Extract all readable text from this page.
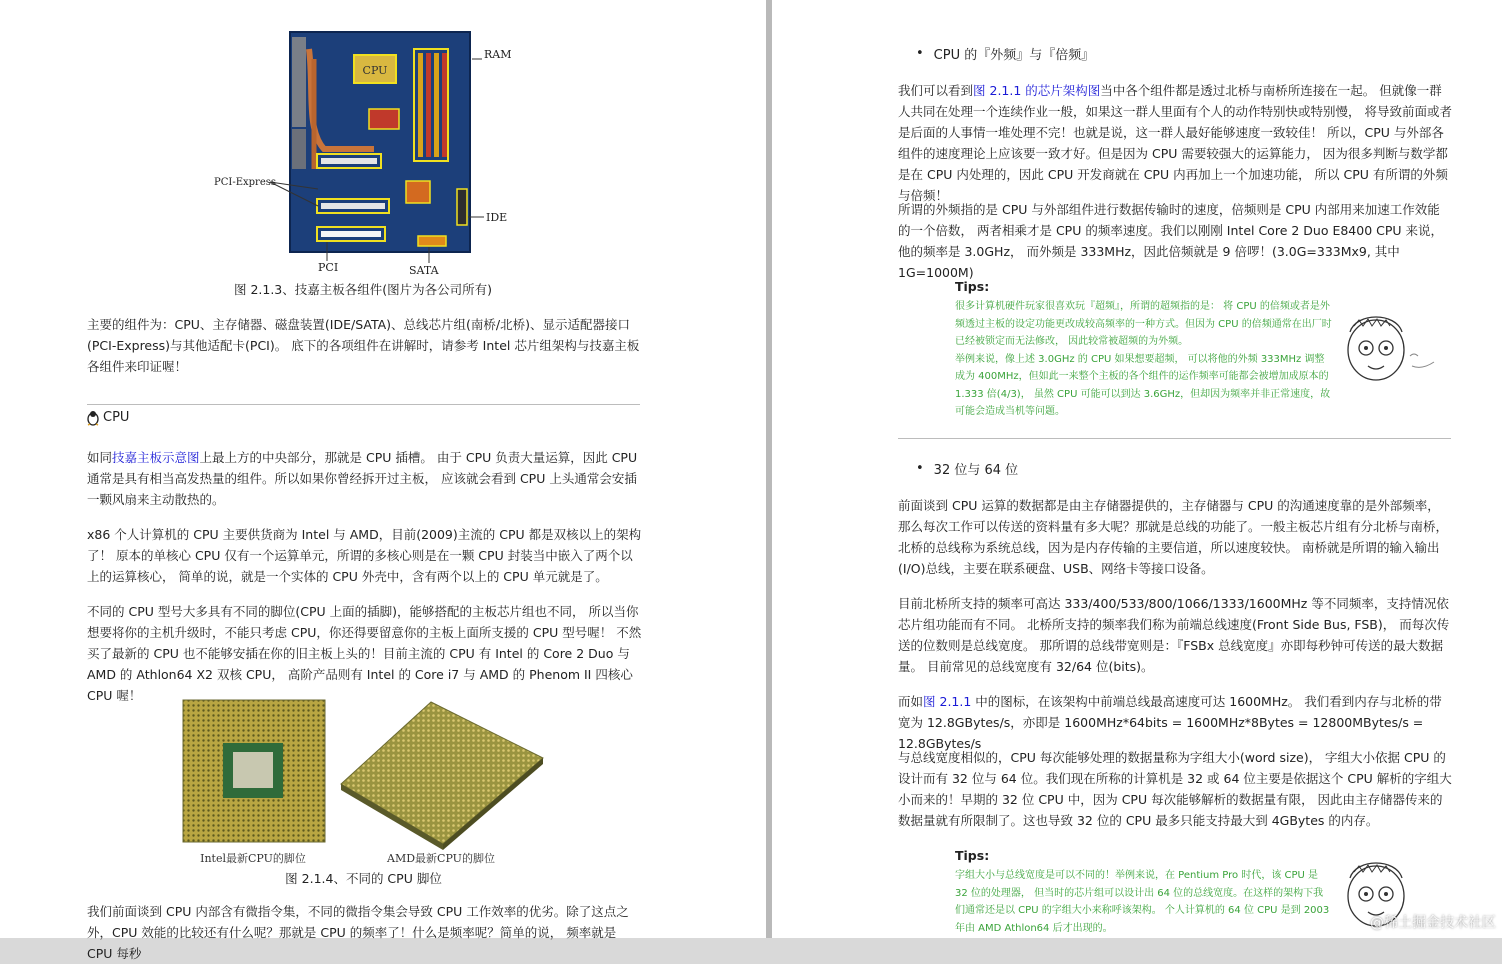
CPU
RAM
PCI-Express
IDE
PCI	SATA
图 2.1.3、技嘉主板各组件(图片为各公司所有)
主要的组件为：CPU、主存储器、磁盘装置(IDE/SATA)、总线芯片组(南桥/北桥)、显示适配器接口(PCI-Express)与其他适配卡(PCI)。 底下的各项组件在讲解时，请参考 Intel 芯片组架构与技嘉主板各组件来印证喔！
CPU
如同技嘉主板示意图上最上方的中央部分，那就是 CPU 插槽。 由于 CPU 负责大量运算，因此 CPU 通常是具有相当高发热量的组件。所以如果你曾经拆开过主板， 应该就会看到 CPU 上头通常会安插一颗风扇来主动散热的。
x86 个人计算机的 CPU 主要供货商为 Intel 与 AMD，目前(2009)主流的 CPU 都是双核以上的架构了！ 原本的单核心 CPU 仅有一个运算单元，所谓的多核心则是在一颗 CPU 封装当中嵌入了两个以上的运算核心， 简单的说，就是一个实体的 CPU 外壳中，含有两个以上的 CPU 单元就是了。
不同的 CPU 型号大多具有不同的脚位(CPU 上面的插脚)，能够搭配的主板芯片组也不同， 所以当你想要将你的主机升级时，不能只考虑 CPU，你还得要留意你的主板上面所支援的 CPU 型号喔！ 不然买了最新的 CPU 也不能够安插在你的旧主板上头的！目前主流的 CPU 有 Intel 的 Core 2 Duo 与 AMD 的 Athlon64 X2 双核 CPU， 高阶产品则有 Intel 的 Core i7 与 AMD 的 Phenom II 四核心 CPU 喔！
Intel最新CPU的脚位	AMD最新CPU的脚位
图 2.1.4、不同的 CPU 脚位
我们前面谈到 CPU 内部含有微指令集，不同的微指令集会导致 CPU 工作效率的优劣。除了这点之外，CPU 效能的比较还有什么呢？那就是 CPU 的频率了！什么是频率呢？简单的说， 频率就是 CPU 每秒
• CPU 的『外频』与『倍频』
我们可以看到图 2.1.1 的芯片架构图当中各个组件都是透过北桥与南桥所连接在一起。 但就像一群人共同在处理一个连续作业一般，如果这一群人里面有个人的动作特别快或特别慢， 将导致前面或者是后面的人事情一堆处理不完！也就是说，这一群人最好能够速度一致较佳！ 所以，CPU 与外部各组件的速度理论上应该要一致才好。但是因为 CPU 需要较强大的运算能力， 因为很多判断与数学都是在 CPU 内处理的，因此 CPU 开发商就在 CPU 内再加上一个加速功能， 所以 CPU 有所谓的外频与倍频！
所谓的外频指的是 CPU 与外部组件进行数据传输时的速度，倍频则是 CPU 内部用来加速工作效能的一个倍数， 两者相乘才是 CPU 的频率速度。我们以刚刚 Intel Core 2 Duo E8400 CPU 来说，他的频率是 3.0GHz， 而外频是 333MHz，因此倍频就是 9 倍啰！(3.0G=333Mx9, 其中 1G=1000M)
Tips:
很多计算机硬件玩家很喜欢玩『超频』，所谓的超频指的是： 将 CPU 的倍频或者是外频透过主板的设定功能更改成较高频率的一种方式。但因为 CPU 的倍频通常在出厂时已经被锁定而无法修改， 因此较常被超频的为外频。
举例来说，像上述 3.0GHz 的 CPU 如果想要超频， 可以将他的外频 333MHz 调整成为 400MHz，但如此一来整个主板的各个组件的运作频率可能都会被增加成原本的 1.333 倍(4/3)， 虽然 CPU 可能可以到达 3.6GHz，但却因为频率并非正常速度，故可能会造成当机等问题。
• 32 位与 64 位
前面谈到 CPU 运算的数据都是由主存储器提供的，主存储器与 CPU 的沟通速度靠的是外部频率， 那么每次工作可以传送的资料量有多大呢？那就是总线的功能了。一般主板芯片组有分北桥与南桥， 北桥的总线称为系统总线，因为是内存传输的主要信道，所以速度较快。 南桥就是所谓的输入输出(I/O)总线，主要在联系硬盘、USB、网络卡等接口设备。
目前北桥所支持的频率可高达 333/400/533/800/1066/1333/1600MHz 等不同频率，支持情况依芯片组功能而有不同。 北桥所支持的频率我们称为前端总线速度(Front Side Bus, FSB)， 而每次传送的位数则是总线宽度。 那所谓的总线带宽则是：『FSBx 总线宽度』亦即每秒钟可传送的最大数据量。 目前常见的总线宽度有 32/64 位(bits)。
而如图 2.1.1 中的图标，在该架构中前端总线最高速度可达 1600MHz。 我们看到内存与北桥的带宽为 12.8GBytes/s，亦即是 1600MHz*64bits = 1600MHz*8Bytes = 12800MBytes/s = 12.8GBytes/s
与总线宽度相似的，CPU 每次能够处理的数据量称为字组大小(word size)， 字组大小依据 CPU 的设计而有 32 位与 64 位。我们现在所称的计算机是 32 或 64 位主要是依据这个 CPU 解析的字组大小而来的！早期的 32 位 CPU 中，因为 CPU 每次能够解析的数据量有限， 因此由主存储器传来的数据量就有所限制了。这也导致 32 位的 CPU 最多只能支持最大到 4GBytes 的内存。
Tips:
字组大小与总线宽度是可以不同的！举例来说，在 Pentium Pro 时代，该 CPU 是 32 位的处理器， 但当时的芯片组可以设计出 64 位的总线宽度。在这样的架构下我们通常还是以 CPU 的字组大小来称呼该架构。 个人计算机的 64 位 CPU 是到 2003 年由 AMD Athlon64 后才出现的。	@稀土掘金技术社区
